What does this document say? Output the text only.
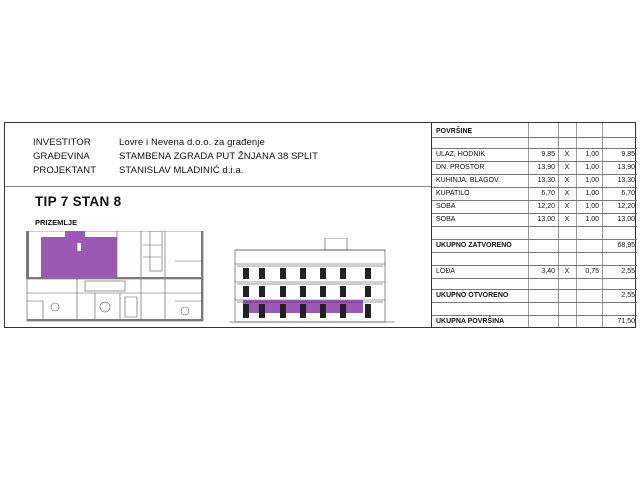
INVESTITOR	Lovre i Nevena d.o.o. za građenje
GRAĐEVINA	STAMBENA ZGRADA PUT ŽNJANA 38 SPLIT
PROJEKTANT STANISLAV MLADINIĆ d.i.a.
TIP 7 STAN 8
PRIZEMLJE
POVRŠINE
ULAZ, HODNIK	9,85	X	1,00	9,85
DN. PROSTOR	13,90	X	1,00	13,90
KUHINJA, BLAGOV.	13,30	X	1,00	13,30
KUPATILO	6,70	X	1,00	6,70
SOBA	12,20	X	1,00	12,20
SOBA	13,00	X	1,00	13,00
UKUPNO ZATVORENO	68,95
LOĐA	3,40	X	0,75	2,55
UKUPNO OTVORENO	2,55
UKUPNA POVRŠINA	71,50
